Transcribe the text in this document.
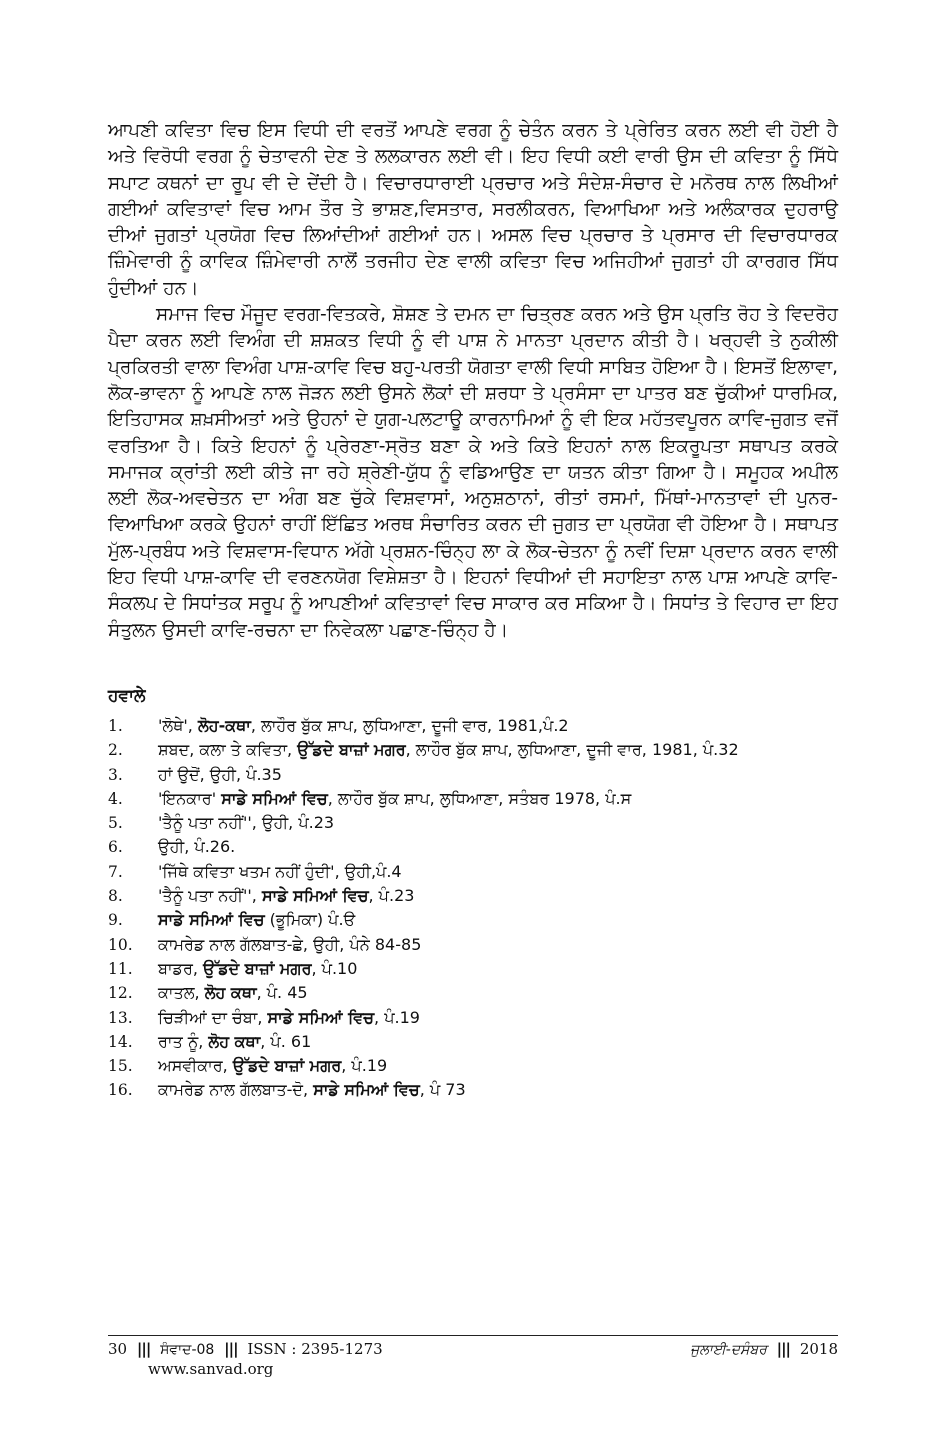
ਆਪਣੀ ਕਵਿਤਾ ਵਿਚ ਇਸ ਵਿਧੀ ਦੀ ਵਰਤੋਂ ਆਪਣੇ ਵਰਗ ਨੂੰ ਚੇਤੰਨ ਕਰਨ ਤੇ ਪ੍ਰੇਰਿਤ ਕਰਨ ਲਈ ਵੀ ਹੋਈ ਹੈ ਅਤੇ ਵਿਰੋਧੀ ਵਰਗ ਨੂੰ ਚੇਤਾਵਨੀ ਦੇਣ ਤੇ ਲਲਕਾਰਨ ਲਈ ਵੀ। ਇਹ ਵਿਧੀ ਕਈ ਵਾਰੀ ਉਸ ਦੀ ਕਵਿਤਾ ਨੂੰ ਸਿੱਧੇ ਸਪਾਟ ਕਥਨਾਂ ਦਾ ਰੂਪ ਵੀ ਦੇ ਦੇਂਦੀ ਹੈ। ਵਿਚਾਰਧਾਰਾਈ ਪ੍ਰਚਾਰ ਅਤੇ ਸੰਦੇਸ਼-ਸੰਚਾਰ ਦੇ ਮਨੋਰਥ ਨਾਲ ਲਿਖੀਆਂ ਗਈਆਂ ਕਵਿਤਾਵਾਂ ਵਿਚ ਆਮ ਤੌਰ ਤੇ ਭਾਸ਼ਣ,ਵਿਸਤਾਰ, ਸਰਲੀਕਰਨ, ਵਿਆਖਿਆ ਅਤੇ ਅਲੰਕਾਰਕ ਦੁਹਰਾਉ ਦੀਆਂ ਜੁਗਤਾਂ ਪ੍ਰਯੋਗ ਵਿਚ ਲਿਆਂਦੀਆਂ ਗਈਆਂ ਹਨ। ਅਸਲ ਵਿਚ ਪ੍ਰਚਾਰ ਤੇ ਪ੍ਰਸਾਰ ਦੀ ਵਿਚਾਰਧਾਰਕ ਜ਼ਿੰਮੇਵਾਰੀ ਨੂੰ ਕਾਵਿਕ ਜ਼ਿੰਮੇਵਾਰੀ ਨਾਲੋਂ ਤਰਜੀਹ ਦੇਣ ਵਾਲੀ ਕਵਿਤਾ ਵਿਚ ਅਜਿਹੀਆਂ ਜੁਗਤਾਂ ਹੀ ਕਾਰਗਰ ਸਿੱਧ ਹੁੰਦੀਆਂ ਹਨ।

ਸਮਾਜ ਵਿਚ ਮੌਜੂਦ ਵਰਗ-ਵਿਤਕਰੇ, ਸ਼ੋਸ਼ਣ ਤੇ ਦਮਨ ਦਾ ਚਿਤ੍ਰਣ ਕਰਨ ਅਤੇ ਉਸ ਪ੍ਰਤਿ ਰੋਹ ਤੇ ਵਿਦਰੋਹ ਪੈਦਾ ਕਰਨ ਲਈ ਵਿਅੰਗ ਦੀ ਸ਼ਸ਼ਕਤ ਵਿਧੀ ਨੂੰ ਵੀ ਪਾਸ਼ ਨੇ ਮਾਨਤਾ ਪ੍ਰਦਾਨ ਕੀਤੀ ਹੈ। ਖਰ੍ਹਵੀ ਤੇ ਨੁਕੀਲੀ ਪ੍ਰਕਿਰਤੀ ਵਾਲਾ ਵਿਅੰਗ ਪਾਸ਼-ਕਾਵਿ ਵਿਚ ਬਹੁ-ਪਰਤੀ ਯੋਗਤਾ ਵਾਲੀ ਵਿਧੀ ਸਾਬਿਤ ਹੋਇਆ ਹੈ। ਇਸਤੋਂ ਇਲਾਵਾ, ਲੋਕ-ਭਾਵਨਾ ਨੂੰ ਆਪਣੇ ਨਾਲ ਜੋੜਨ ਲਈ ਉਸਨੇ ਲੋਕਾਂ ਦੀ ਸ਼ਰਧਾ ਤੇ ਪ੍ਰਸੰਸਾ ਦਾ ਪਾਤਰ ਬਣ ਚੁੱਕੀਆਂ ਧਾਰਮਿਕ, ਇਤਿਹਾਸਕ ਸ਼ਖ਼ਸੀਅਤਾਂ ਅਤੇ ਉਹਨਾਂ ਦੇ ਯੁਗ-ਪਲਟਾਊ ਕਾਰਨਾਮਿਆਂ ਨੂੰ ਵੀ ਇਕ ਮਹੱਤਵਪੂਰਨ ਕਾਵਿ-ਜੁਗਤ ਵਜੋਂ ਵਰਤਿਆ ਹੈ। ਕਿਤੇ ਇਹਨਾਂ ਨੂੰ ਪ੍ਰੇਰਣਾ-ਸ੍ਰੋਤ ਬਣਾ ਕੇ ਅਤੇ ਕਿਤੇ ਇਹਨਾਂ ਨਾਲ ਇਕਰੂਪਤਾ ਸਥਾਪਤ ਕਰਕੇ ਸਮਾਜਕ ਕ੍ਰਾਂਤੀ ਲਈ ਕੀਤੇ ਜਾ ਰਹੇ ਸ਼੍ਰੇਣੀ-ਯੁੱਧ ਨੂੰ ਵਡਿਆਉਣ ਦਾ ਯਤਨ ਕੀਤਾ ਗਿਆ ਹੈ। ਸਮੂਹਕ ਅਪੀਲ ਲਈ ਲੋਕ-ਅਵਚੇਤਨ ਦਾ ਅੰਗ ਬਣ ਚੁੱਕੇ ਵਿਸ਼ਵਾਸਾਂ, ਅਨੁਸ਼ਠਾਨਾਂ, ਰੀਤਾਂ ਰਸਮਾਂ, ਮਿੱਥਾਂ-ਮਾਨਤਾਵਾਂ ਦੀ ਪੁਨਰ-ਵਿਆਖਿਆ ਕਰਕੇ ਉਹਨਾਂ ਰਾਹੀਂ ਇੱਛਿਤ ਅਰਥ ਸੰਚਾਰਿਤ ਕਰਨ ਦੀ ਜੁਗਤ ਦਾ ਪ੍ਰਯੋਗ ਵੀ ਹੋਇਆ ਹੈ। ਸਥਾਪਤ ਮੁੱਲ-ਪ੍ਰਬੰਧ ਅਤੇ ਵਿਸ਼ਵਾਸ-ਵਿਧਾਨ ਅੱਗੇ ਪ੍ਰਸ਼ਨ-ਚਿੰਨ੍ਹ ਲਾ ਕੇ ਲੋਕ-ਚੇਤਨਾ ਨੂੰ ਨਵੀਂ ਦਿਸ਼ਾ ਪ੍ਰਦਾਨ ਕਰਨ ਵਾਲੀ ਇਹ ਵਿਧੀ ਪਾਸ਼-ਕਾਵਿ ਦੀ ਵਰਣਨਯੋਗ ਵਿਸ਼ੇਸ਼ਤਾ ਹੈ। ਇਹਨਾਂ ਵਿਧੀਆਂ ਦੀ ਸਹਾਇਤਾ ਨਾਲ ਪਾਸ਼ ਆਪਣੇ ਕਾਵਿ-ਸੰਕਲਪ ਦੇ ਸਿਧਾਂਤਕ ਸਰੂਪ ਨੂੰ ਆਪਣੀਆਂ ਕਵਿਤਾਵਾਂ ਵਿਚ ਸਾਕਾਰ ਕਰ ਸਕਿਆ ਹੈ। ਸਿਧਾਂਤ ਤੇ ਵਿਹਾਰ ਦਾ ਇਹ ਸੰਤੁਲਨ ਉਸਦੀ ਕਾਵਿ-ਰਚਨਾ ਦਾ ਨਿਵੇਕਲਾ ਪਛਾਣ-ਚਿੰਨ੍ਹ ਹੈ।

ਹਵਾਲੇ
1.	'ਲੋਥੇ', ਲੋਹ-ਕਥਾ, ਲਾਹੌਰ ਬੁੱਕ ਸ਼ਾਪ, ਲੁਧਿਆਣਾ, ਦੂਜੀ ਵਾਰ, 1981,ਪੰ.2
2.	ਸ਼ਬਦ, ਕਲਾ ਤੇ ਕਵਿਤਾ, ਉੱਡਦੇ ਬਾਜ਼ਾਂ ਮਗਰ, ਲਾਹੌਰ ਬੁੱਕ ਸ਼ਾਪ, ਲੁਧਿਆਣਾ, ਦੂਜੀ ਵਾਰ, 1981, ਪੰ.32
3.	ਹਾਂ ਉਦੋਂ, ਉਹੀ, ਪੰ.35
4.	'ਇਨਕਾਰ' ਸਾਡੇ ਸਮਿਆਂ ਵਿਚ, ਲਾਹੌਰ ਬੁੱਕ ਸ਼ਾਪ, ਲੁਧਿਆਣਾ, ਸਤੰਬਰ 1978, ਪੰ.ਸ
5.	'ਤੈਨੂੰ ਪਤਾ ਨਹੀਂ'', ਉਹੀ, ਪੰ.23
6.	ਉਹੀ, ਪੰ.26.
7.	'ਜਿੱਥੇ ਕਵਿਤਾ ਖਤਮ ਨਹੀਂ ਹੁੰਦੀ', ਉਹੀ,ਪੰ.4
8.	'ਤੈਨੂੰ ਪਤਾ ਨਹੀਂ'', ਸਾਡੇ ਸਮਿਆਂ ਵਿਚ, ਪੰ.23
9.	ਸਾਡੇ ਸਮਿਆਂ ਵਿਚ (ਭੂਮਿਕਾ) ਪੰ.ੳ
10.	ਕਾਮਰੇਡ ਨਾਲ ਗੱਲਬਾਤ-ਛੇ, ਉਹੀ, ਪੰਨੇ 84-85
11.	ਬਾਡਰ, ਉੱਡਦੇ ਬਾਜ਼ਾਂ ਮਗਰ, ਪੰ.10
12.	ਕਾਤਲ, ਲੋਹ ਕਥਾ, ਪੰ. 45
13.	ਚਿੜੀਆਂ ਦਾ ਚੰਬਾ, ਸਾਡੇ ਸਮਿਆਂ ਵਿਚ, ਪੰ.19
14.	ਰਾਤ ਨੂੰ, ਲੋਹ ਕਥਾ, ਪੰ. 61
15.	ਅਸਵੀਕਾਰ, ਉੱਡਦੇ ਬਾਜ਼ਾਂ ਮਗਰ, ਪੰ.19
16.	ਕਾਮਰੇਡ ਨਾਲ ਗੱਲਬਾਤ-ਦੋ, ਸਾਡੇ ਸਮਿਆਂ ਵਿਚ, ਪੰ 73
30 ||| ਸੰਵਾਦ-08 ||| ISSN : 2395-1273	ਜੁਲਾਈ-ਦਸੰਬਰ ||| 2018
www.sanvad.org
